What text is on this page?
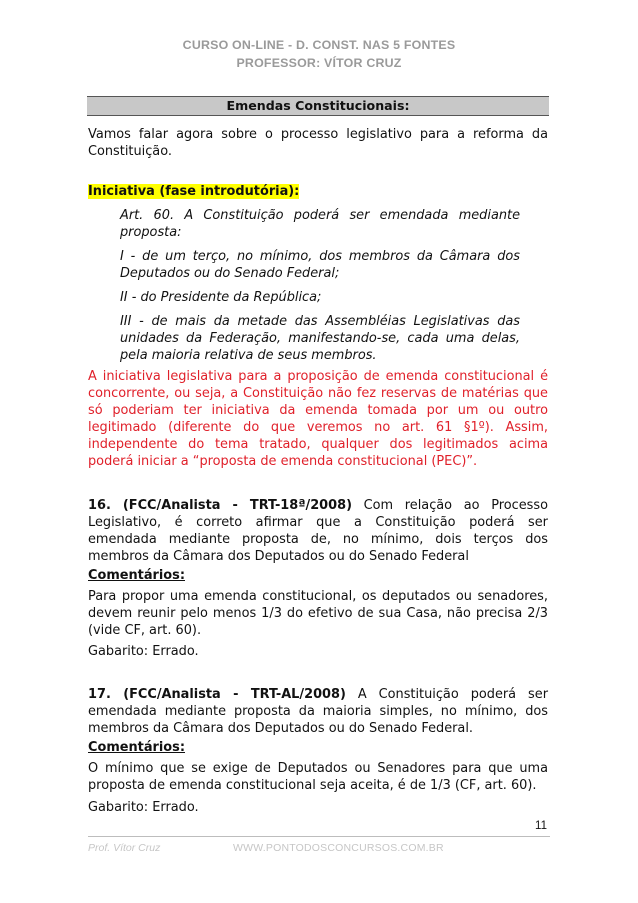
CURSO ON-LINE - D. CONST. NAS 5 FONTES
PROFESSOR: VÍTOR CRUZ
Emendas Constitucionais:
Vamos falar agora sobre o processo legislativo para a reforma da
Constituição.
Iniciativa (fase introdutória):
Art. 60. A Constituição poderá ser emendada mediante
proposta:
I - de um terço, no mínimo, dos membros da Câmara dos
Deputados ou do Senado Federal;
II - do Presidente da República;
III - de mais da metade das Assembléias Legislativas das
unidades da Federação, manifestando-se, cada uma delas,
pela maioria relativa de seus membros.
A iniciativa legislativa para a proposição de emenda constitucional é
concorrente, ou seja, a Constituição não fez reservas de matérias que
só poderiam ter iniciativa da emenda tomada por um ou outro
legitimado (diferente do que veremos no art. 61 §1º). Assim,
independente do tema tratado, qualquer dos legitimados acima
poderá iniciar a “proposta de emenda constitucional (PEC)”.
16. (FCC/Analista - TRT-18ª/2008) Com relação ao Processo
Legislativo, é correto afirmar que a Constituição poderá ser
emendada mediante proposta de, no mínimo, dois terços dos
membros da Câmara dos Deputados ou do Senado Federal
Comentários:
Para propor uma emenda constitucional, os deputados ou senadores,
devem reunir pelo menos 1/3 do efetivo de sua Casa, não precisa 2/3
(vide CF, art. 60).
Gabarito: Errado.
17. (FCC/Analista - TRT-AL/2008) A Constituição poderá ser
emendada mediante proposta da maioria simples, no mínimo, dos
membros da Câmara dos Deputados ou do Senado Federal.
Comentários:
O mínimo que se exige de Deputados ou Senadores para que uma
proposta de emenda constitucional seja aceita, é de 1/3 (CF, art. 60).
Gabarito: Errado.
11
Prof. Vítor Cruz	WWW.PONTODOSCONCURSOS.COM.BR
